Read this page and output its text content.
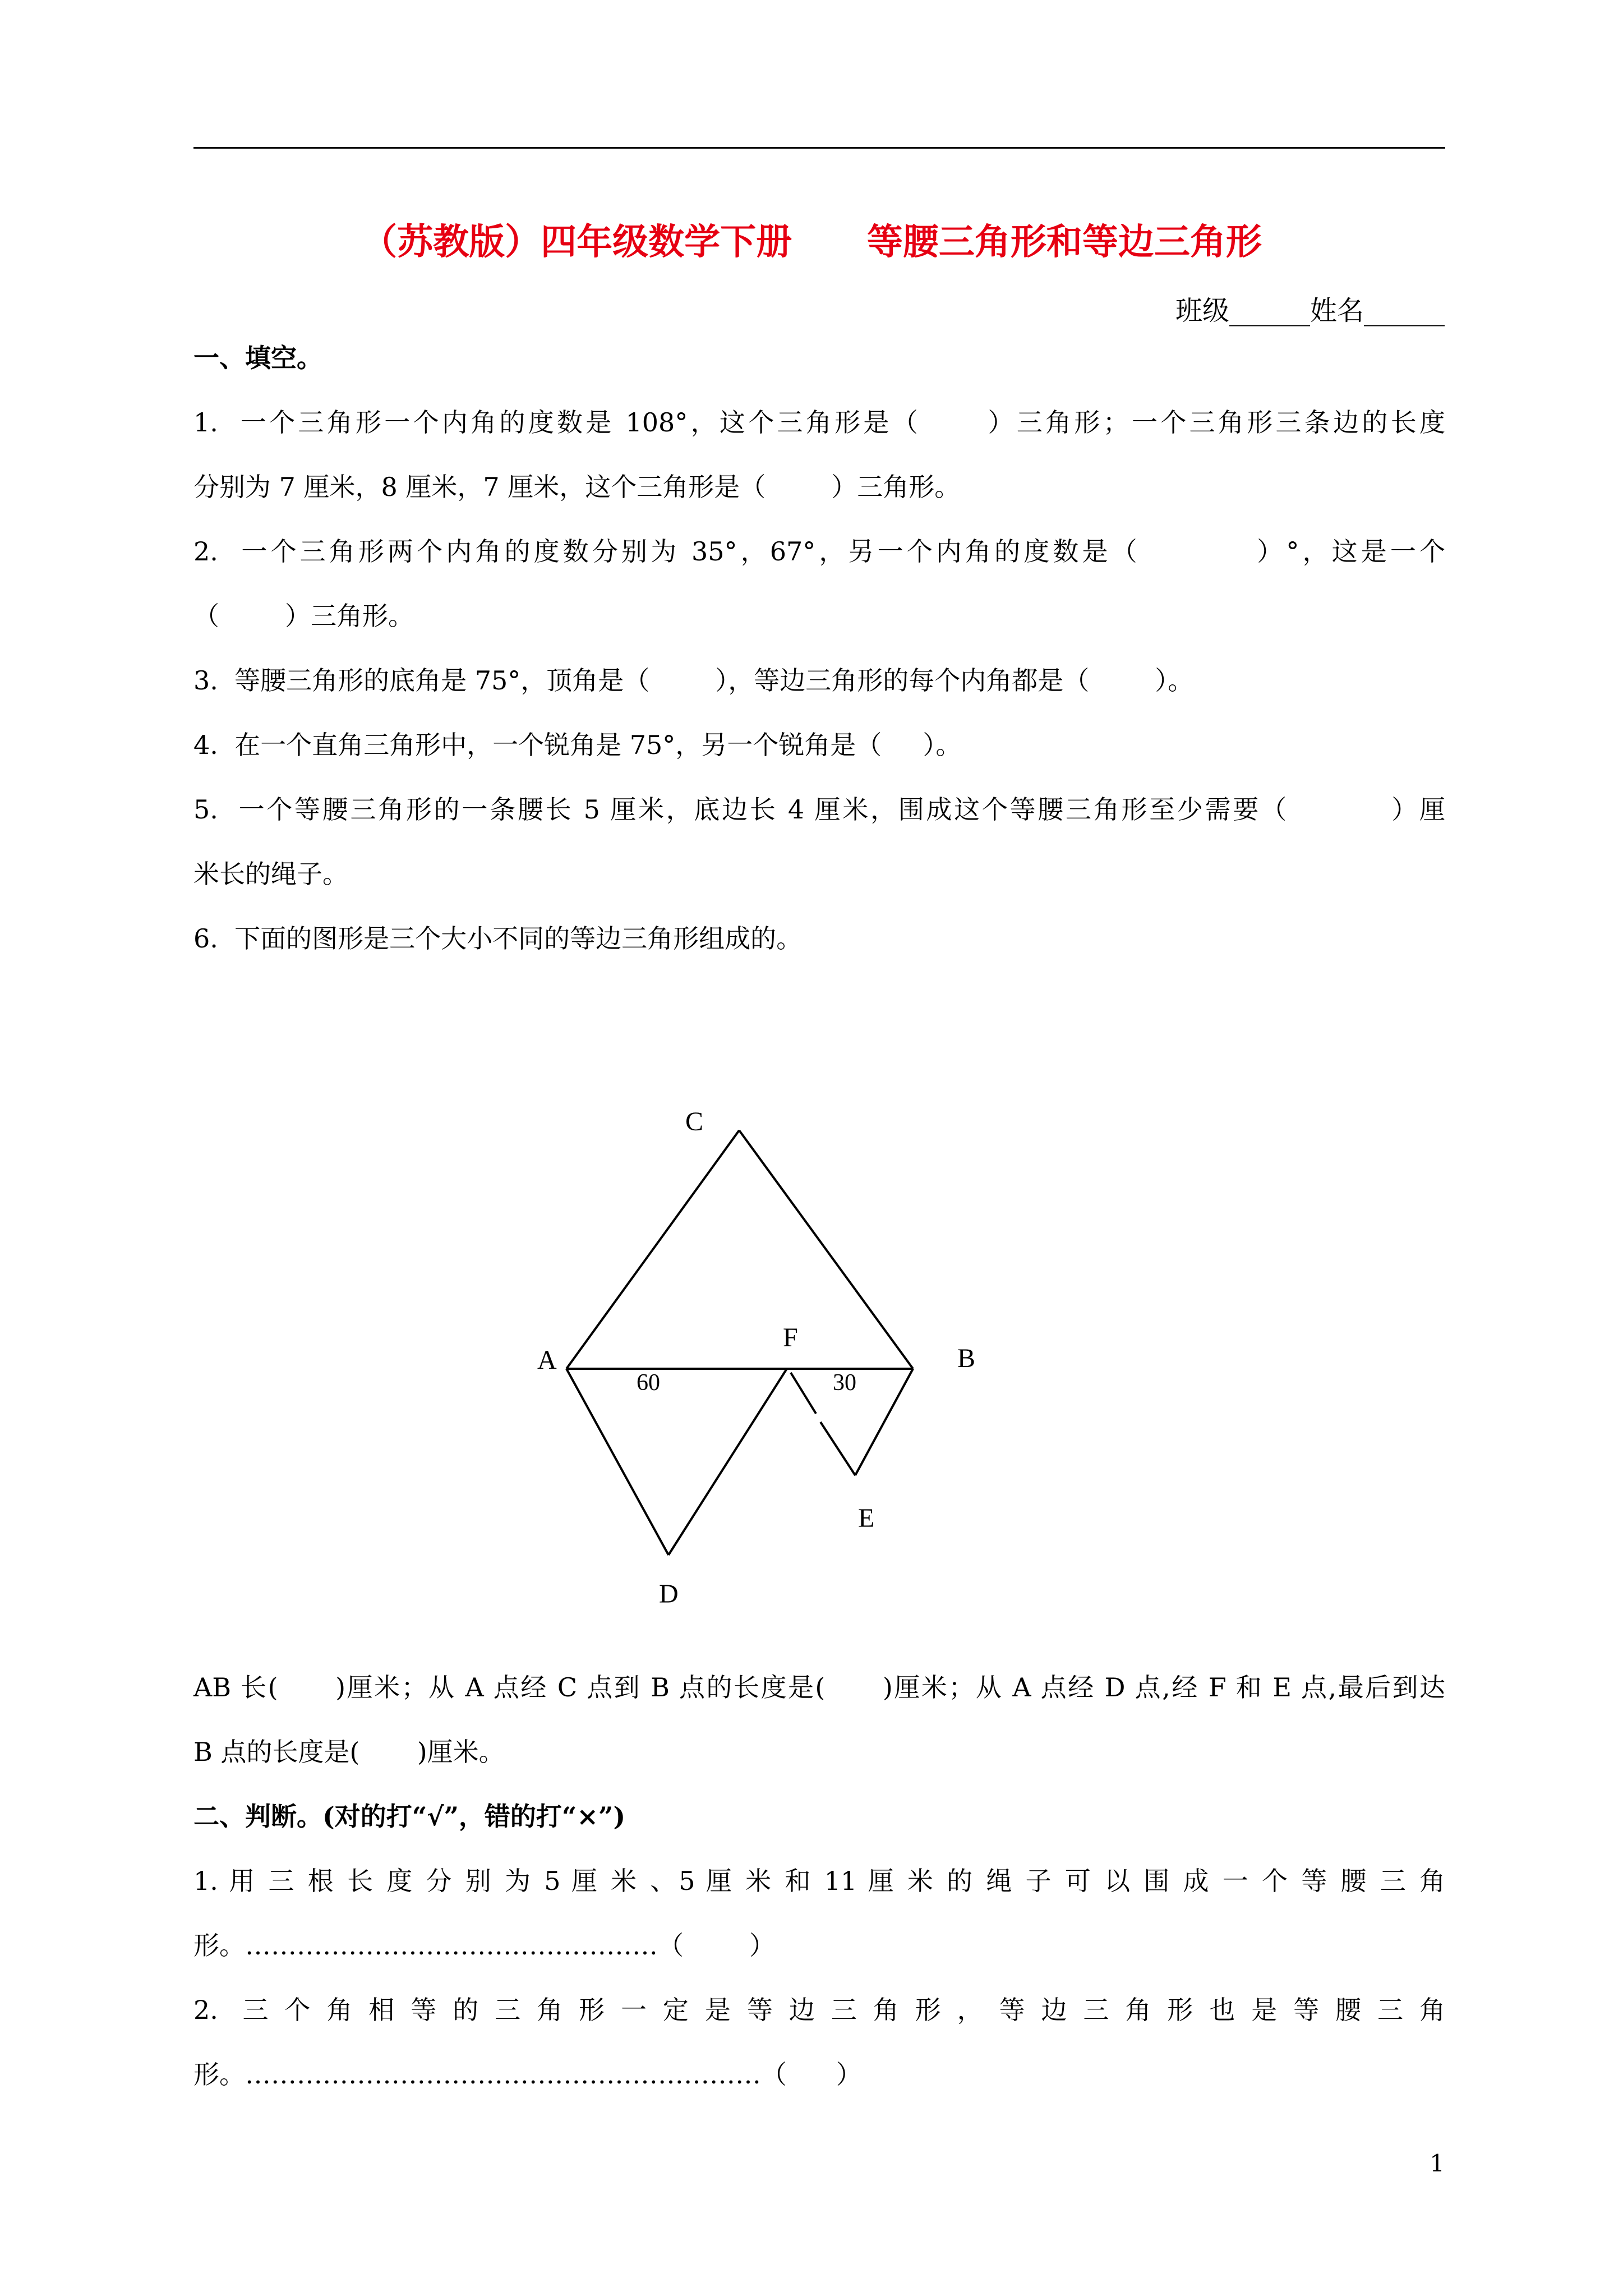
（苏教版）四年级数学下册      等腰三角形和等边三角形
班级______姓名______
一、填空。
1.  一个三角形一个内角的度数是 108°，这个三角形是（      ）三角形；一个三角形三条边的长度
分别为 7 厘米，8 厘米，7 厘米，这个三角形是（        ）三角形。
2.  一个三角形两个内角的度数分别为 35°，67°，另一个内角的度数是（          ）°，这是一个
（        ）三角形。
3.  等腰三角形的底角是 75°，顶角是（        ），等边三角形的每个内角都是（        ）。
4.  在一个直角三角形中，一个锐角是 75°，另一个锐角是（     ）。
5.  一个等腰三角形的一条腰长 5 厘米，底边长 4 厘米，围成这个等腰三角形至少需要（          ）厘
米长的绳子。
6.  下面的图形是三个大小不同的等边三角形组成的。
C
A
F
B
60	30
E
D
AB 长(      )厘米；从 A 点经 C 点到 B 点的长度是(      )厘米；从 A 点经 D 点,经 F 和 E 点,最后到达
B 点的长度是(       )厘米。
二、判断。(对的打“√”，错的打“×”)
1. 用 三 根 长 度 分 别 为 5 厘 米 、5 厘 米 和 11 厘 米 的 绳 子 可 以 围 成 一 个 等 腰 三 角
形。…………………………………………（        ）
2.  三 个 角 相 等 的 三 角 形 一 定 是 等 边 三 角 形 ， 等 边 三 角 形 也 是 等 腰 三 角
形。……………………………………………………（      ）
1
